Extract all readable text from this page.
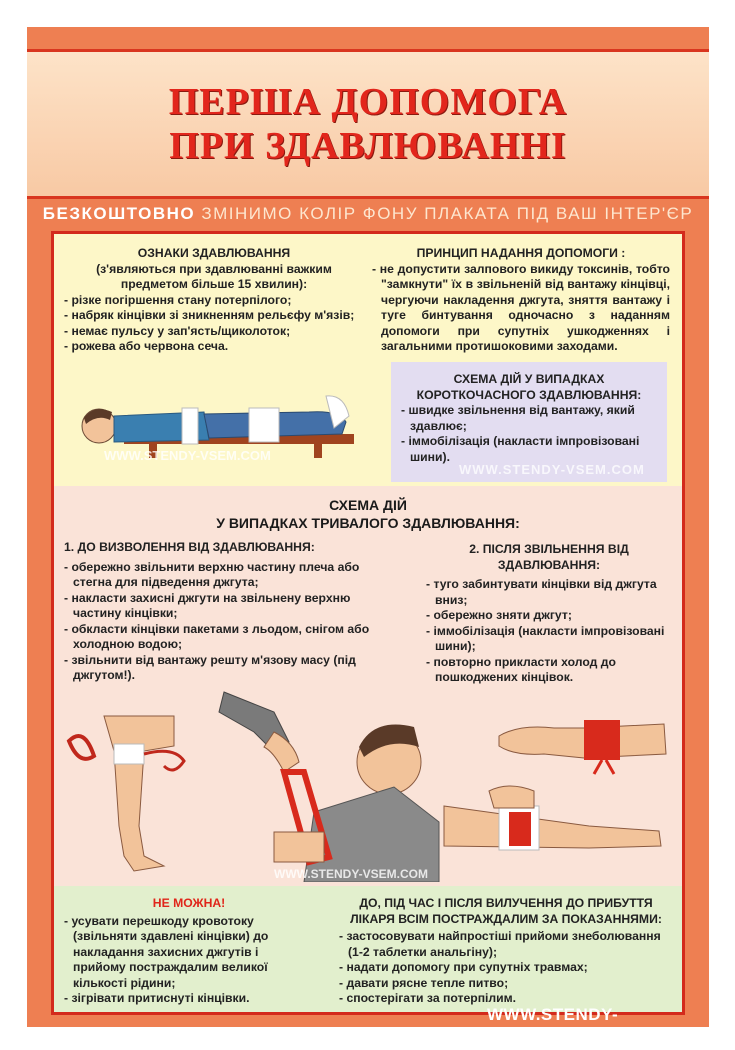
ПЕРША ДОПОМОГА
ПРИ ЗДАВЛЮВАННІ
БЕЗКОШТОВНО ЗМІНИМО КОЛІР ФОНУ ПЛАКАТА ПІД ВАШ ІНТЕР'ЄР
ОЗНАКИ ЗДАВЛЮВАННЯ
(з'являються при здавлюванні важким предметом більше 15 хвилин):
- різке погіршення стану потерпілого;
- набряк кінцівки зі зникненням рельєфу м'язів;
- немає пульсу у зап'ясть/щиколоток;
- рожева або червона сеча.
ПРИНЦИП НАДАННЯ ДОПОМОГИ :
- не допустити залпового викиду токсинів, тобто "замкнути" їх в звільненій від вантажу кінцівці, чергуючи накладення джгута, зняття вантажу і туге бинтування одночасно з наданням допомоги при супутніх ушкодженнях і загальними протишоковими заходами.
СХЕМА ДІЙ У ВИПАДКАХ КОРОТКОЧАСНОГО ЗДАВЛЮВАННЯ:
- швидке звільнення від вантажу, який здавлює;
- іммобілізація (накласти імпровізовані шини).
WWW.STENDY-VSEM.COM
WWW.STENDY-VSEM.COM
СХЕМА ДІЙ
У ВИПАДКАХ ТРИВАЛОГО ЗДАВЛЮВАННЯ:
1. ДО ВИЗВОЛЕННЯ ВІД ЗДАВЛЮВАННЯ:
- обережно звільнити верхню частину плеча або стегна для підведення джгута;
- накласти захисні джгути на звільнену верхню частину кінцівки;
- обкласти кінцівки пакетами з льодом, снігом або холодною водою;
- звільнити від вантажу решту м'язову масу (під джгутом!).
2. ПІСЛЯ ЗВІЛЬНЕННЯ ВІД ЗДАВЛЮВАННЯ:
- туго забинтувати кінцівки від джгута вниз;
- обережно зняти джгут;
- іммобілізація (накласти імпровізовані шини);
- повторно прикласти холод до пошкоджених кінцівок.
WWW.STENDY-VSEM.COM
НЕ МОЖНА!
- усувати перешкоду кровотоку (звільняти здавлені кінцівки) до накладання захисних джгутів і прийому постраждалим великої кількості рідини;
- зігрівати притиснуті кінцівки.
ДО, ПІД ЧАС І ПІСЛЯ ВИЛУЧЕННЯ ДО ПРИБУТТЯ ЛІКАРЯ ВСІМ ПОСТРАЖДАЛИМ ЗА ПОКАЗАННЯМИ:
- застосовувати найпростіші прийоми знеболювання (1-2 таблетки анальгіну);
- надати допомогу при супутніх травмах;
- давати рясне тепле питво;
- спостерігати за потерпілим.
WWW.STENDY-VSEM.COM
